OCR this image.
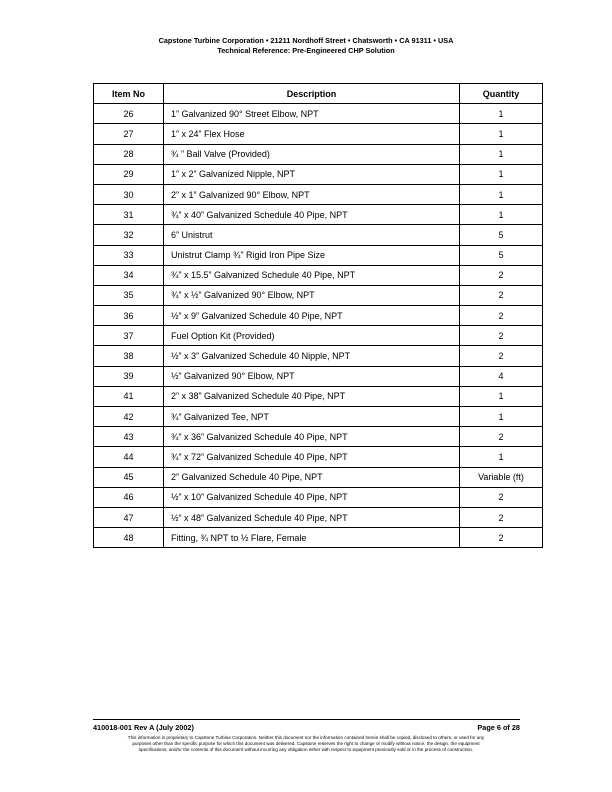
Capstone Turbine Corporation • 21211 Nordhoff Street • Chatsworth • CA 91311 • USA
Technical Reference: Pre-Engineered CHP Solution
Item No	Description	Quantity
26	1” Galvanized 90° Street Elbow, NPT	1
27	1” x 24” Flex Hose	1
28	¾ ” Ball Valve (Provided)	1
29	1” x 2” Galvanized Nipple, NPT	1
30	2” x 1” Galvanized 90° Elbow, NPT	1
31	¾” x 40” Galvanized Schedule 40 Pipe, NPT	1
32	6” Unistrut	5
33	Unistrut Clamp ¾” Rigid Iron Pipe Size	5
34	¾” x 15.5” Galvanized Schedule 40 Pipe, NPT	2
35	¾” x ½” Galvanized 90° Elbow, NPT	2
36	½” x 9” Galvanized Schedule 40 Pipe, NPT	2
37	Fuel Option Kit (Provided)	2
38	½” x 3” Galvanized Schedule 40 Nipple, NPT	2
39	½” Galvanized 90° Elbow, NPT	4
41	2” x 38” Galvanized Schedule 40 Pipe, NPT	1
42	¾” Galvanized Tee, NPT	1
43	¾” x 36” Galvanized Schedule 40 Pipe, NPT	2
44	¾” x 72” Galvanized Schedule 40 Pipe, NPT	1
45	2” Galvanized Schedule 40 Pipe, NPT	Variable (ft)
46	½” x 10” Galvanized Schedule 40 Pipe, NPT	2
47	½” x 48” Galvanized Schedule 40 Pipe, NPT	2
48	Fitting, ¾ NPT to ½ Flare, Female	2
410018-001 Rev A (July 2002)	Page 6 of 28
This information is proprietary to Capstone Turbine Corporation. Neither this document nor the information contained herein shall be copied, disclosed to others, or used for any
purposes other than the specific purpose for which this document was delivered. Capstone reserves the right to change or modify without notice, the design, the equipment
specifications, and/or the contents of this document without incurring any obligation either with respect to equipment previously sold or in the process of construction.
